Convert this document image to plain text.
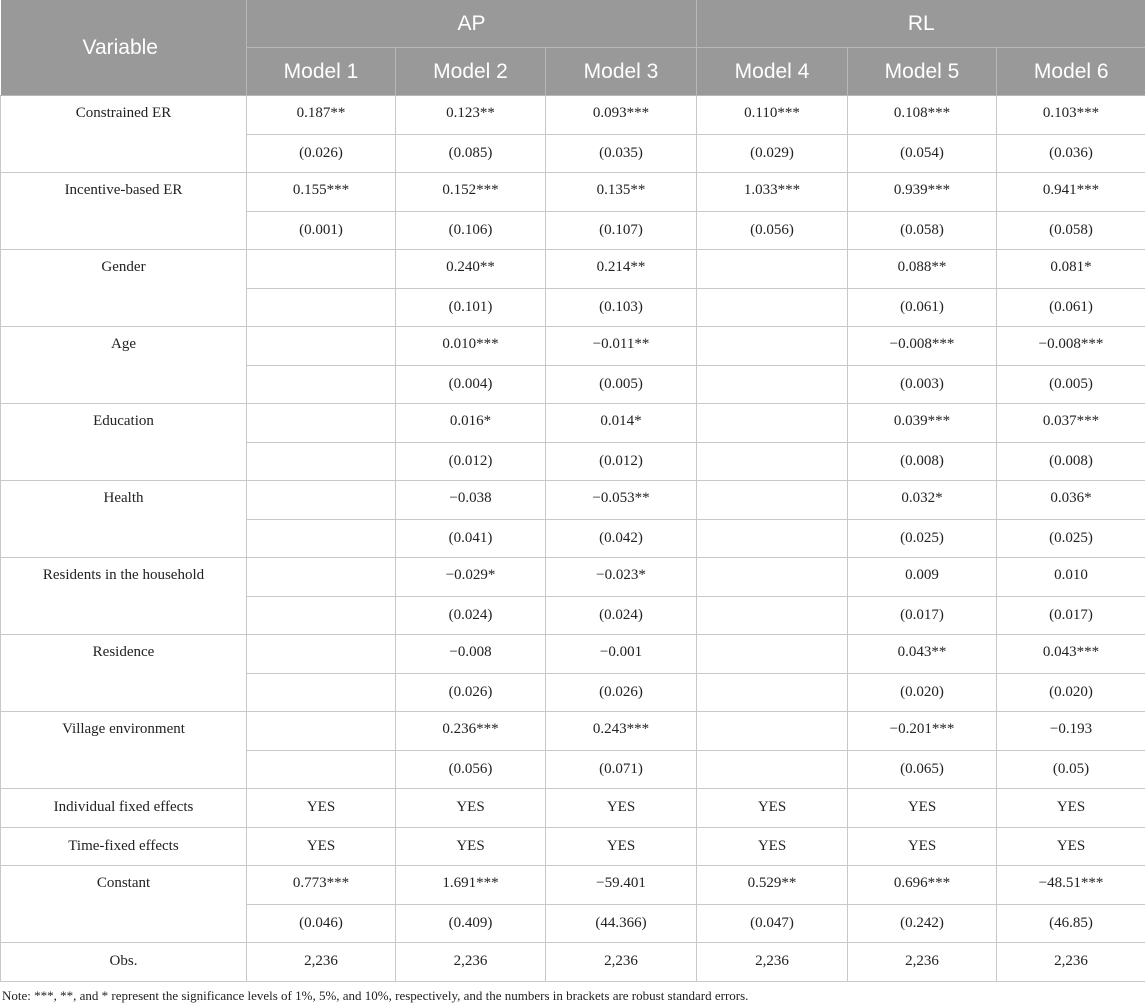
Variable	AP			RL		
	Model 1	Model 2	Model 3	Model 4	Model 5	Model 6
Constrained ER	0.187**	0.123**	0.093***	0.110***	0.108***	0.103***
	(0.026)	(0.085)	(0.035)	(0.029)	(0.054)	(0.036)
Incentive-based ER	0.155***	0.152***	0.135**	1.033***	0.939***	0.941***
	(0.001)	(0.106)	(0.107)	(0.056)	(0.058)	(0.058)
Gender		0.240**	0.214**		0.088**	0.081*
		(0.101)	(0.103)		(0.061)	(0.061)
Age		0.010***	−0.011**		−0.008***	−0.008***
		(0.004)	(0.005)		(0.003)	(0.005)
Education		0.016*	0.014*		0.039***	0.037***
		(0.012)	(0.012)		(0.008)	(0.008)
Health		−0.038	−0.053**		0.032*	0.036*
		(0.041)	(0.042)		(0.025)	(0.025)
Residents in the household		−0.029*	−0.023*		0.009	0.010
		(0.024)	(0.024)		(0.017)	(0.017)
Residence		−0.008	−0.001		0.043**	0.043***
		(0.026)	(0.026)		(0.020)	(0.020)
Village environment		0.236***	0.243***		−0.201***	−0.193
		(0.056)	(0.071)		(0.065)	(0.05)
Individual fixed effects	YES	YES	YES	YES	YES	YES
Time-fixed effects	YES	YES	YES	YES	YES	YES
Constant	0.773***	1.691***	−59.401	0.529**	0.696***	−48.51***
	(0.046)	(0.409)	(44.366)	(0.047)	(0.242)	(46.85)
Obs.	2,236	2,236	2,236	2,236	2,236	2,236
Note: ***, **, and * represent the significance levels of 1%, 5%, and 10%, respectively, and the numbers in brackets are robust standard errors.
